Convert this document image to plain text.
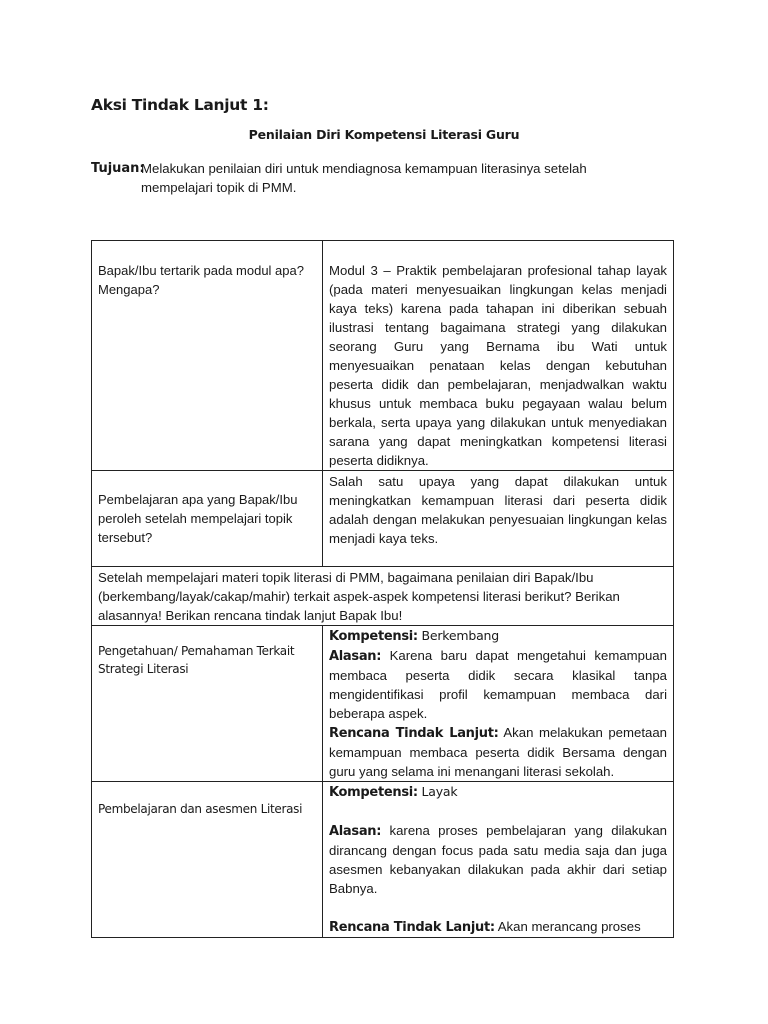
Aksi Tindak Lanjut 1:
Penilaian Diri Kompetensi Literasi Guru
Tujuan:
Melakukan penilaian diri untuk mendiagnosa kemampuan literasinya setelah mempelajari topik di PMM.
Bapak/Ibu tertarik pada modul apa? Mengapa?	Modul 3 – Praktik pembelajaran profesional tahap layak (pada materi menyesuaikan lingkungan kelas menjadi kaya teks) karena pada tahapan ini diberikan sebuah ilustrasi tentang bagaimana strategi yang dilakukan seorang Guru yang Bernama ibu Wati untuk menyesuaikan penataan kelas dengan kebutuhan peserta didik dan pembelajaran, menjadwalkan waktu khusus untuk membaca buku pegayaan walau belum berkala, serta upaya yang dilakukan untuk menyediakan sarana yang dapat meningkatkan kompetensi literasi peserta didiknya.

Pembelajaran apa yang Bapak/Ibu peroleh setelah mempelajari topik tersebut?	Salah satu upaya yang dapat dilakukan untuk meningkatkan kemampuan literasi dari peserta didik adalah dengan melakukan penyesuaian lingkungan kelas menjadi kaya teks.

Setelah mempelajari materi topik literasi di PMM, bagaimana penilaian diri Bapak/Ibu (berkembang/layak/cakap/mahir) terkait aspek-aspek kompetensi literasi berikut? Berikan alasannya! Berikan rencana tindak lanjut Bapak Ibu!	

Pengetahuan/ Pemahaman Terkait Strategi Literasi	Kompetensi: Berkembang

Alasan: Karena baru dapat mengetahui kemampuan membaca peserta didik secara klasikal tanpa mengidentifikasi profil kemampuan membaca dari beberapa aspek.

Rencana Tindak Lanjut: Akan melakukan pemetaan kemampuan membaca peserta didik Bersama dengan guru yang selama ini menangani literasi sekolah.

Pembelajaran dan asesmen Literasi	Kompetensi: Layak

Alasan: karena proses pembelajaran yang dilakukan dirancang dengan focus pada satu media saja dan juga asesmen kebanyakan dilakukan pada akhir dari setiap Babnya.

Rencana Tindak Lanjut: Akan merancang proses
